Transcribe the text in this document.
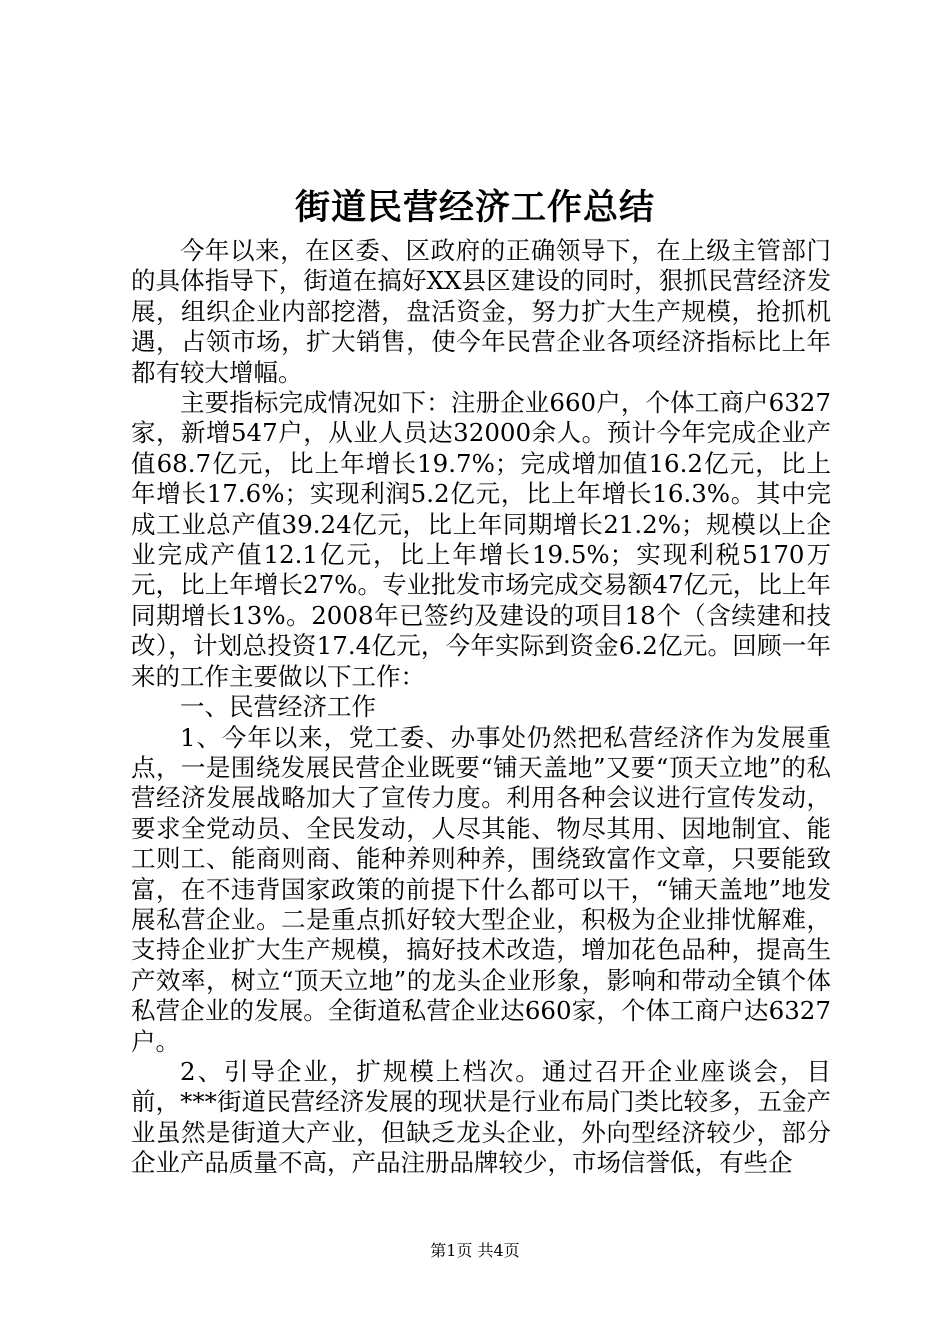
街道民营经济工作总结

今年以来，在区委、区政府的正确领导下，在上级主管部门的具体指导下，街道在搞好XX县区建设的同时，狠抓民营经济发展，组织企业内部挖潜，盘活资金，努力扩大生产规模，抢抓机遇，占领市场，扩大销售，使今年民营企业各项经济指标比上年都有较大增幅。

主要指标完成情况如下：注册企业660户，个体工商户6327家，新增547户，从业人员达32000余人。预计今年完成企业产值68.7亿元，比上年增长19.7%；完成增加值16.2亿元，比上年增长17.6%；实现利润5.2亿元，比上年增长16.3%。其中完成工业总产值39.24亿元，比上年同期增长21.2%；规模以上企业完成产值12.1亿元，比上年增长19.5%；实现利税5170万元，比上年增长27%。专业批发市场完成交易额47亿元，比上年同期增长13%。2008年已签约及建设的项目18个（含续建和技改），计划总投资17.4亿元，今年实际到资金6.2亿元。回顾一年来的工作主要做以下工作：

一、民营经济工作

1、今年以来，党工委、办事处仍然把私营经济作为发展重点，一是围绕发展民营企业既要“铺天盖地”又要“顶天立地”的私营经济发展战略加大了宣传力度。利用各种会议进行宣传发动，要求全党动员、全民发动，人尽其能、物尽其用、因地制宜、能工则工、能商则商、能种养则种养，围绕致富作文章，只要能致富，在不违背国家政策的前提下什么都可以干，“铺天盖地”地发展私营企业。二是重点抓好较大型企业，积极为企业排忧解难，支持企业扩大生产规模，搞好技术改造，增加花色品种，提高生产效率，树立“顶天立地”的龙头企业形象，影响和带动全镇个体私营企业的发展。全街道私营企业达660家，个体工商户达6327户。

2、引导企业，扩规模上档次。通过召开企业座谈会，目前，***街道民营经济发展的现状是行业布局门类比较多，五金产业虽然是街道大产业，但缺乏龙头企业，外向型经济较少，部分企业产品质量不高，产品注册品牌较少，市场信誉低，有些企

第1页 共4页
